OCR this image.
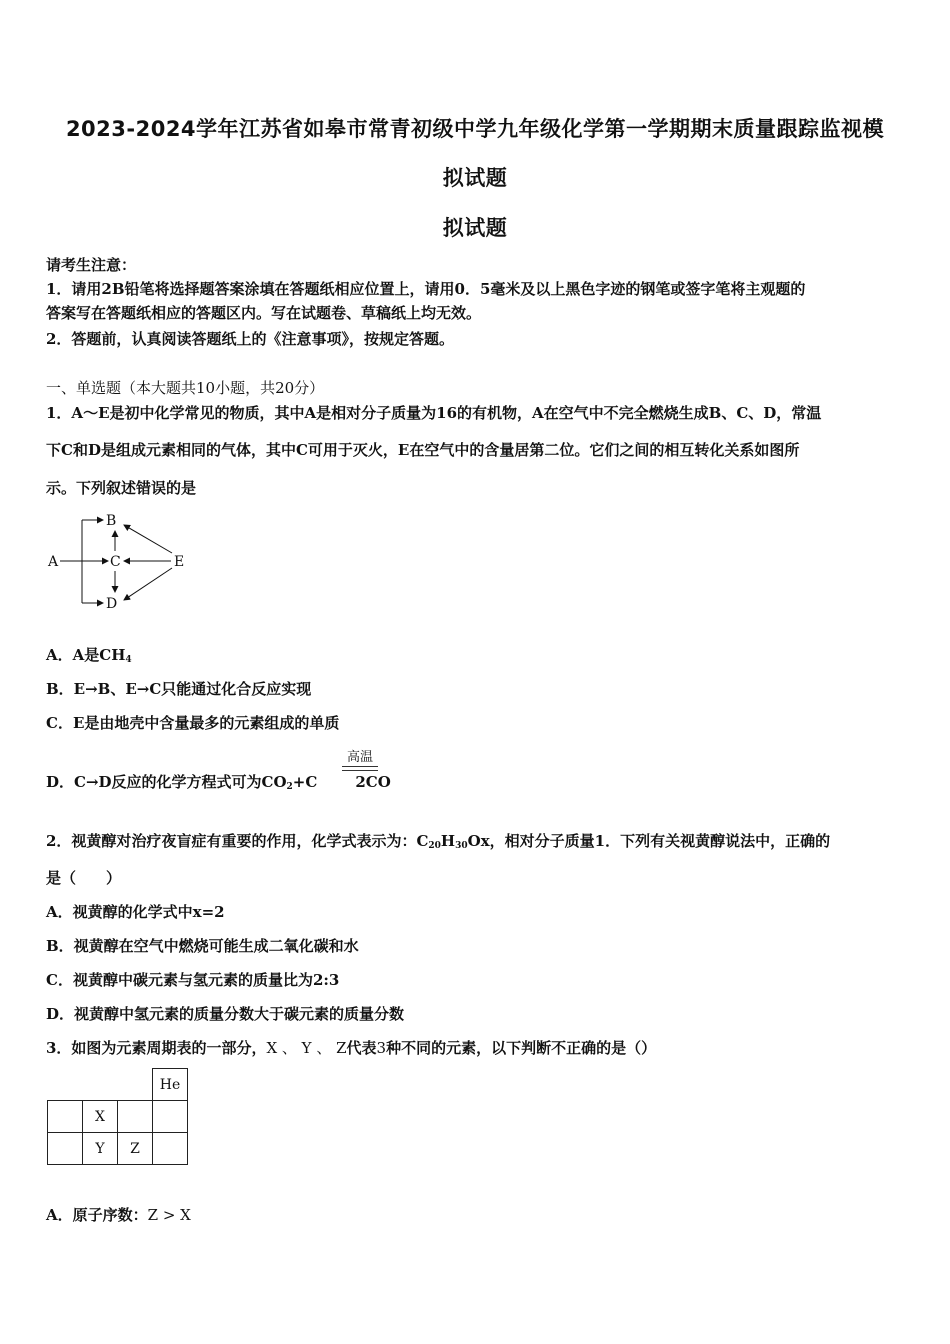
2023-2024学年江苏省如皋市常青初级中学九年级化学第一学期期末质量跟踪监视模
拟试题
拟试题
请考生注意：
1．请用2B铅笔将选择题答案涂填在答题纸相应位置上，请用0．5毫米及以上黑色字迹的钢笔或签字笔将主观题的
答案写在答题纸相应的答题区内。写在试题卷、草稿纸上均无效。
2．答题前，认真阅读答题纸上的《注意事项》，按规定答题。
一、单选题（本大题共10小题，共20分）
1．A～E是初中化学常见的物质，其中A是相对分子质量为16的有机物，A在空气中不完全燃烧生成B、C、D，常温
下C和D是组成元素相同的气体，其中C可用于灭火，E在空气中的含量居第二位。它们之间的相互转化关系如图所
示。下列叙述错误的是
A
B
C
D
E
A．A是$CH_4$
B．E→B、E→C只能通过化合反应实现
C．E是由地壳中含量最多的元素组成的单质
高温
D．C→D反应的化学方程式可为$CO_2+C$	2CO
2．视黄醇对治疗夜盲症有重要的作用，化学式表示为：$C_{20}H_{30}Ox$，相对分子质量1．下列有关视黄醇说法中，正确的
是（　　）
A．视黄醇的化学式中x=2
B．视黄醇在空气中燃烧可能生成二氧化碳和水
C．视黄醇中碳元素与氢元素的质量比为2:3
D．视黄醇中氢元素的质量分数大于碳元素的质量分数
3．如图为元素周期表的一部分，X 、 Y 、 Z代表3种不同的元素，以下判断不正确的是（）
			He
	X		
	Y	Z	
A．原子序数：Z > X
